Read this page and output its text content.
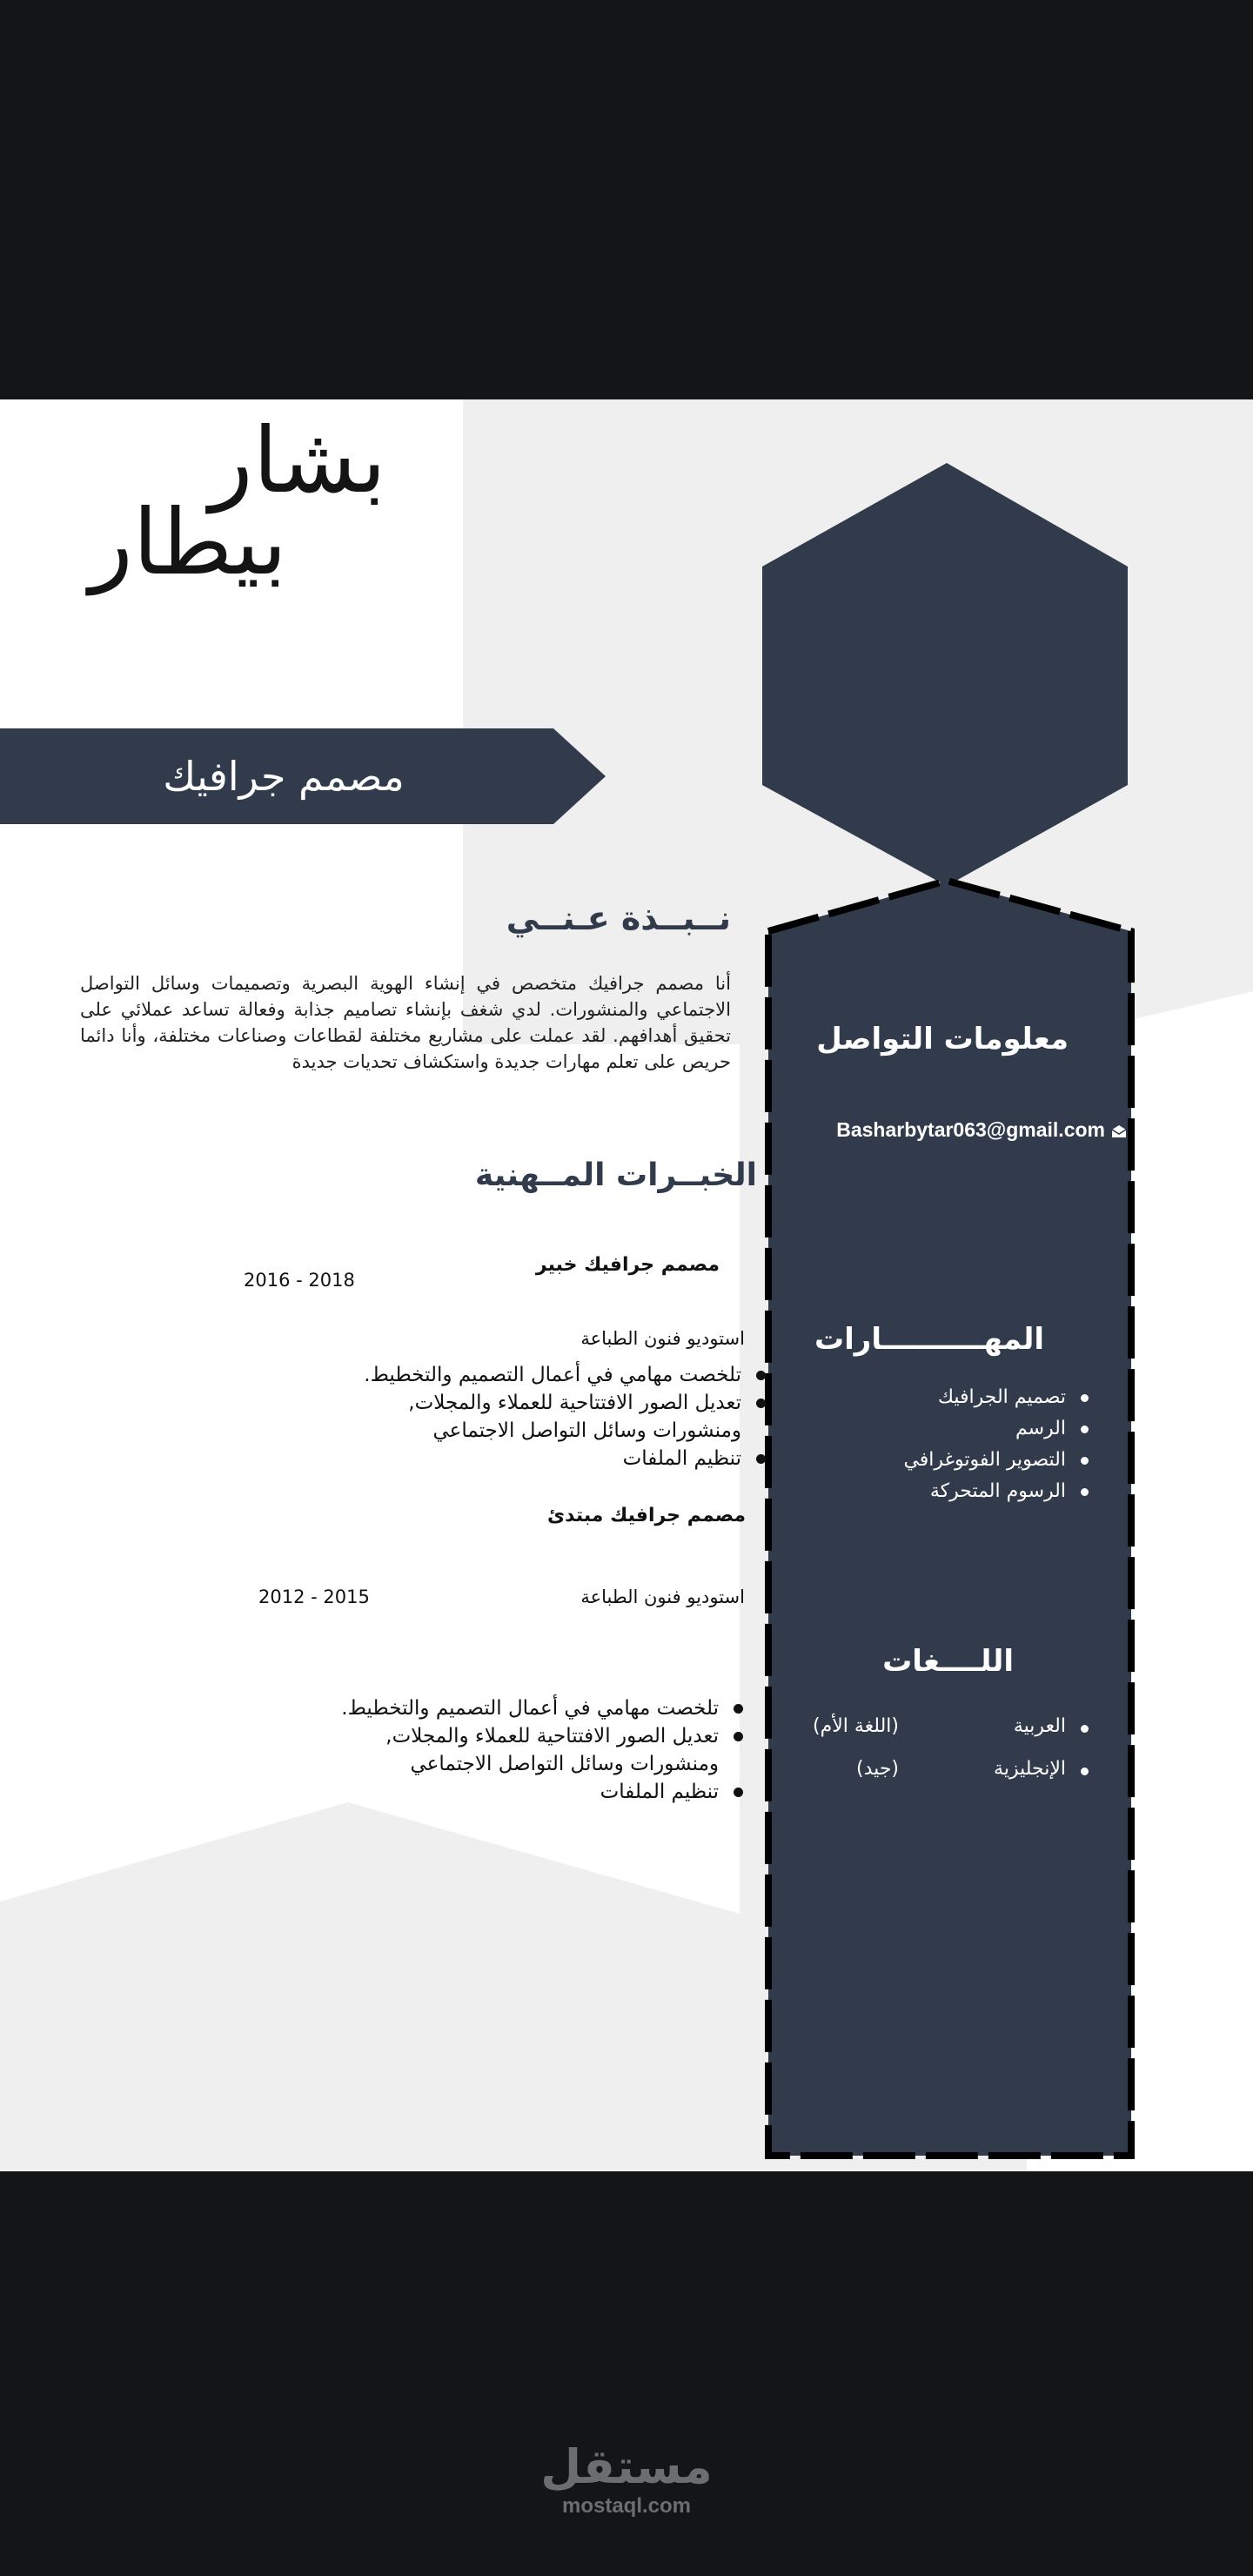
بشار
بيطار
مصمم جرافيك
نــبــذة عـنــي
أنا مصمم جرافيك متخصص في إنشاء الهوية البصرية وتصميمات وسائل التواصل الاجتماعي والمنشورات. لدي شغف بإنشاء تصاميم جذابة وفعالة تساعد عملائي على تحقيق أهدافهم. لقد عملت على مشاريع مختلفة لقطاعات وصناعات مختلفة، وأنا دائما حريص على تعلم مهارات جديدة واستكشاف تحديات جديدة
الخبــرات المــهنية
مصمم جرافيك خبير
2016 - 2018
استوديو فنون الطباعة
تلخصت مهامي في أعمال التصميم والتخطيط.
تعديل الصور الافتتاحية للعملاء والمجلات,
ومنشورات وسائل التواصل الاجتماعي
تنظيم الملفات
مصمم جرافيك مبتدئ
2012 - 2015	استوديو فنون الطباعة
تلخصت مهامي في أعمال التصميم والتخطيط.
تعديل الصور الافتتاحية للعملاء والمجلات,
ومنشورات وسائل التواصل الاجتماعي
تنظيم الملفات
معلومات التواصل
Basharbytar063@gmail.com
المهــــــــــارات
تصميم الجرافيك
الرسم
التصوير الفوتوغرافي
الرسوم المتحركة
اللــــغات
العربية
(اللغة الأم)
الإنجليزية
(جيد)
مستقل
mostaql.com
